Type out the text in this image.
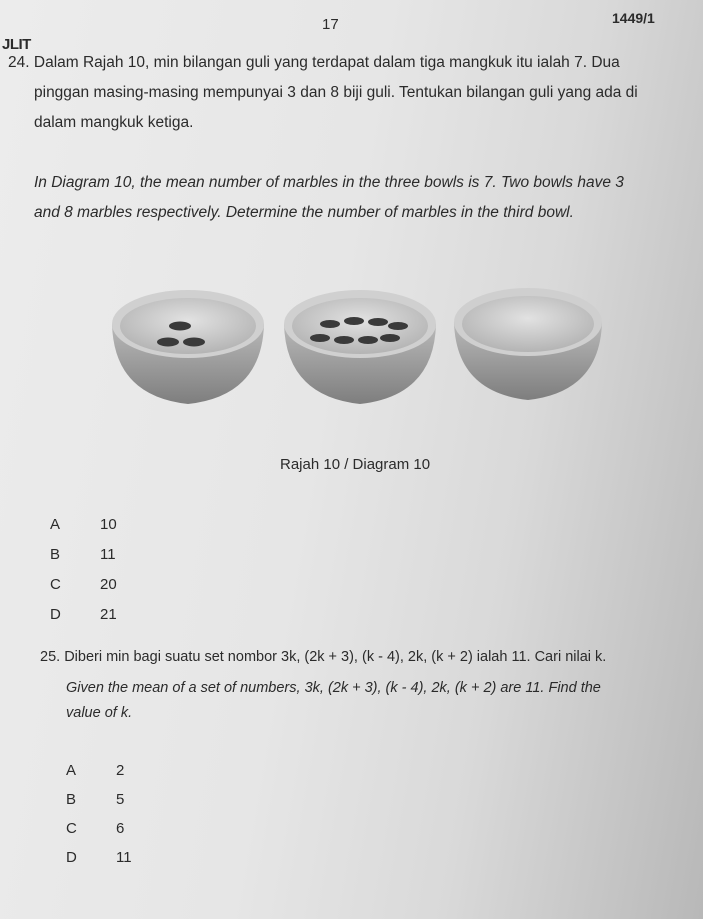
JLIT
17	1449/1
24. Dalam Rajah 10, min bilangan guli yang terdapat dalam tiga mangkuk itu ialah 7. Dua
pinggan masing-masing mempunyai 3 dan 8 biji guli. Tentukan bilangan guli yang ada di
dalam mangkuk ketiga.
In Diagram 10, the mean number of marbles in the three bowls is 7. Two bowls have 3
and 8 marbles respectively. Determine the number of marbles in the third bowl.
Rajah 10 / Diagram 10
A	10
B	11
C	20
D	21
25. Diberi min bagi suatu set nombor 3k, (2k + 3), (k - 4), 2k, (k + 2) ialah 11. Cari nilai k.
Given the mean of a set of numbers, 3k, (2k + 3), (k - 4), 2k, (k + 2) are 11. Find the
value of k.
A	2
B	5
C	6
D	11
